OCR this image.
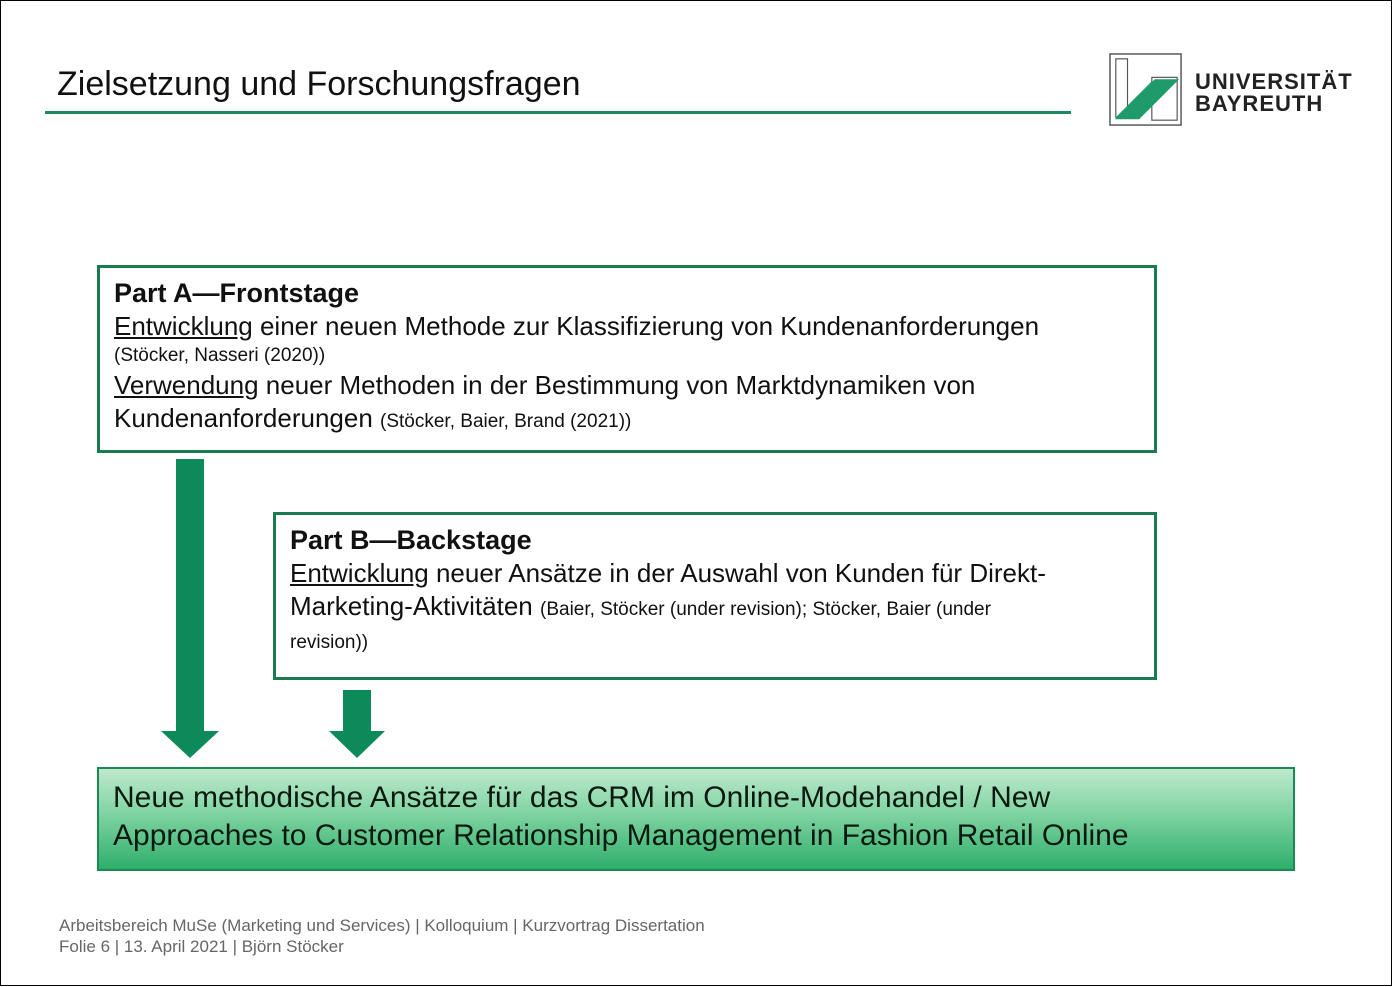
Zielsetzung und Forschungsfragen	UNIVERSITÄT
BAYREUTH
Part A—Frontstage
Entwicklung einer neuen Methode zur Klassifizierung von Kundenanforderungen
(Stöcker, Nasseri (2020))
Verwendung neuer Methoden in der Bestimmung von Marktdynamiken von
Kundenanforderungen (Stöcker, Baier, Brand (2021))
Part B—Backstage
Entwicklung neuer Ansätze in der Auswahl von Kunden für Direkt-
Marketing-Aktivitäten (Baier, Stöcker (under revision); Stöcker, Baier (under
revision))
Neue methodische Ansätze für das CRM im Online-Modehandel / New
Approaches to Customer Relationship Management in Fashion Retail Online
Arbeitsbereich MuSe (Marketing und Services) | Kolloquium | Kurzvortrag Dissertation
Folie 6 | 13. April 2021 | Björn Stöcker
